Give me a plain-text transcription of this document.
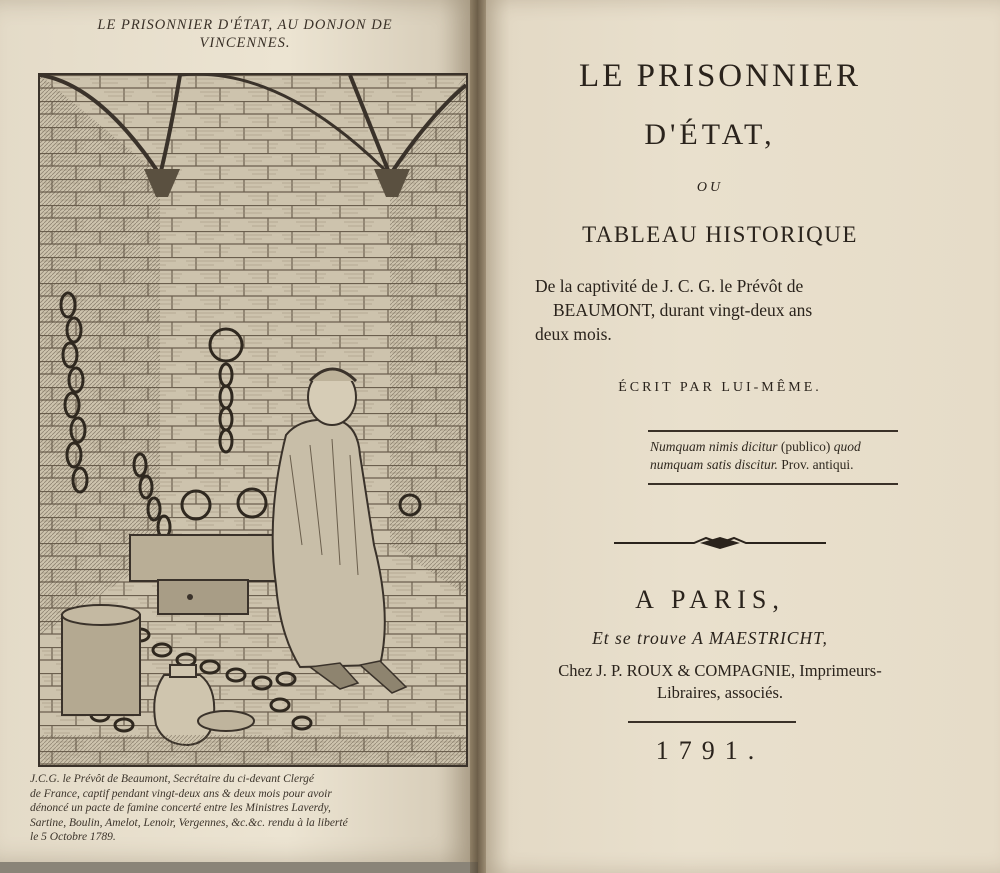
LE PRISONNIER D'ÉTAT, AU DONJON DE
VINCENNES.
J.C.G. le Prévôt de Beaumont, Secrétaire du ci-devant Clergé
de France, captif pendant vingt-deux ans & deux mois pour avoir
dénoncé un pacte de famine concerté entre les Ministres Laverdy,
Sartine, Boulin, Amelot, Lenoir, Vergennes, &c.&c. rendu à la liberté
le 5 Octobre 1789.
LE PRISONNIER
D'ÉTAT,
OU
TABLEAU HISTORIQUE
De la captivité de J. C. G. le Prévôt de
BEAUMONT, durant vingt-deux ans
deux mois.
ÉCRIT PAR LUI-MÊME.
Numquam nimis dicitur (publico) quod
numquam satis discitur. Prov. antiqui.
A PARIS,
Et se trouve A MAESTRICHT,
Chez J. P. ROUX & COMPAGNIE, Imprimeurs-
Libraires, associés.
1791.
